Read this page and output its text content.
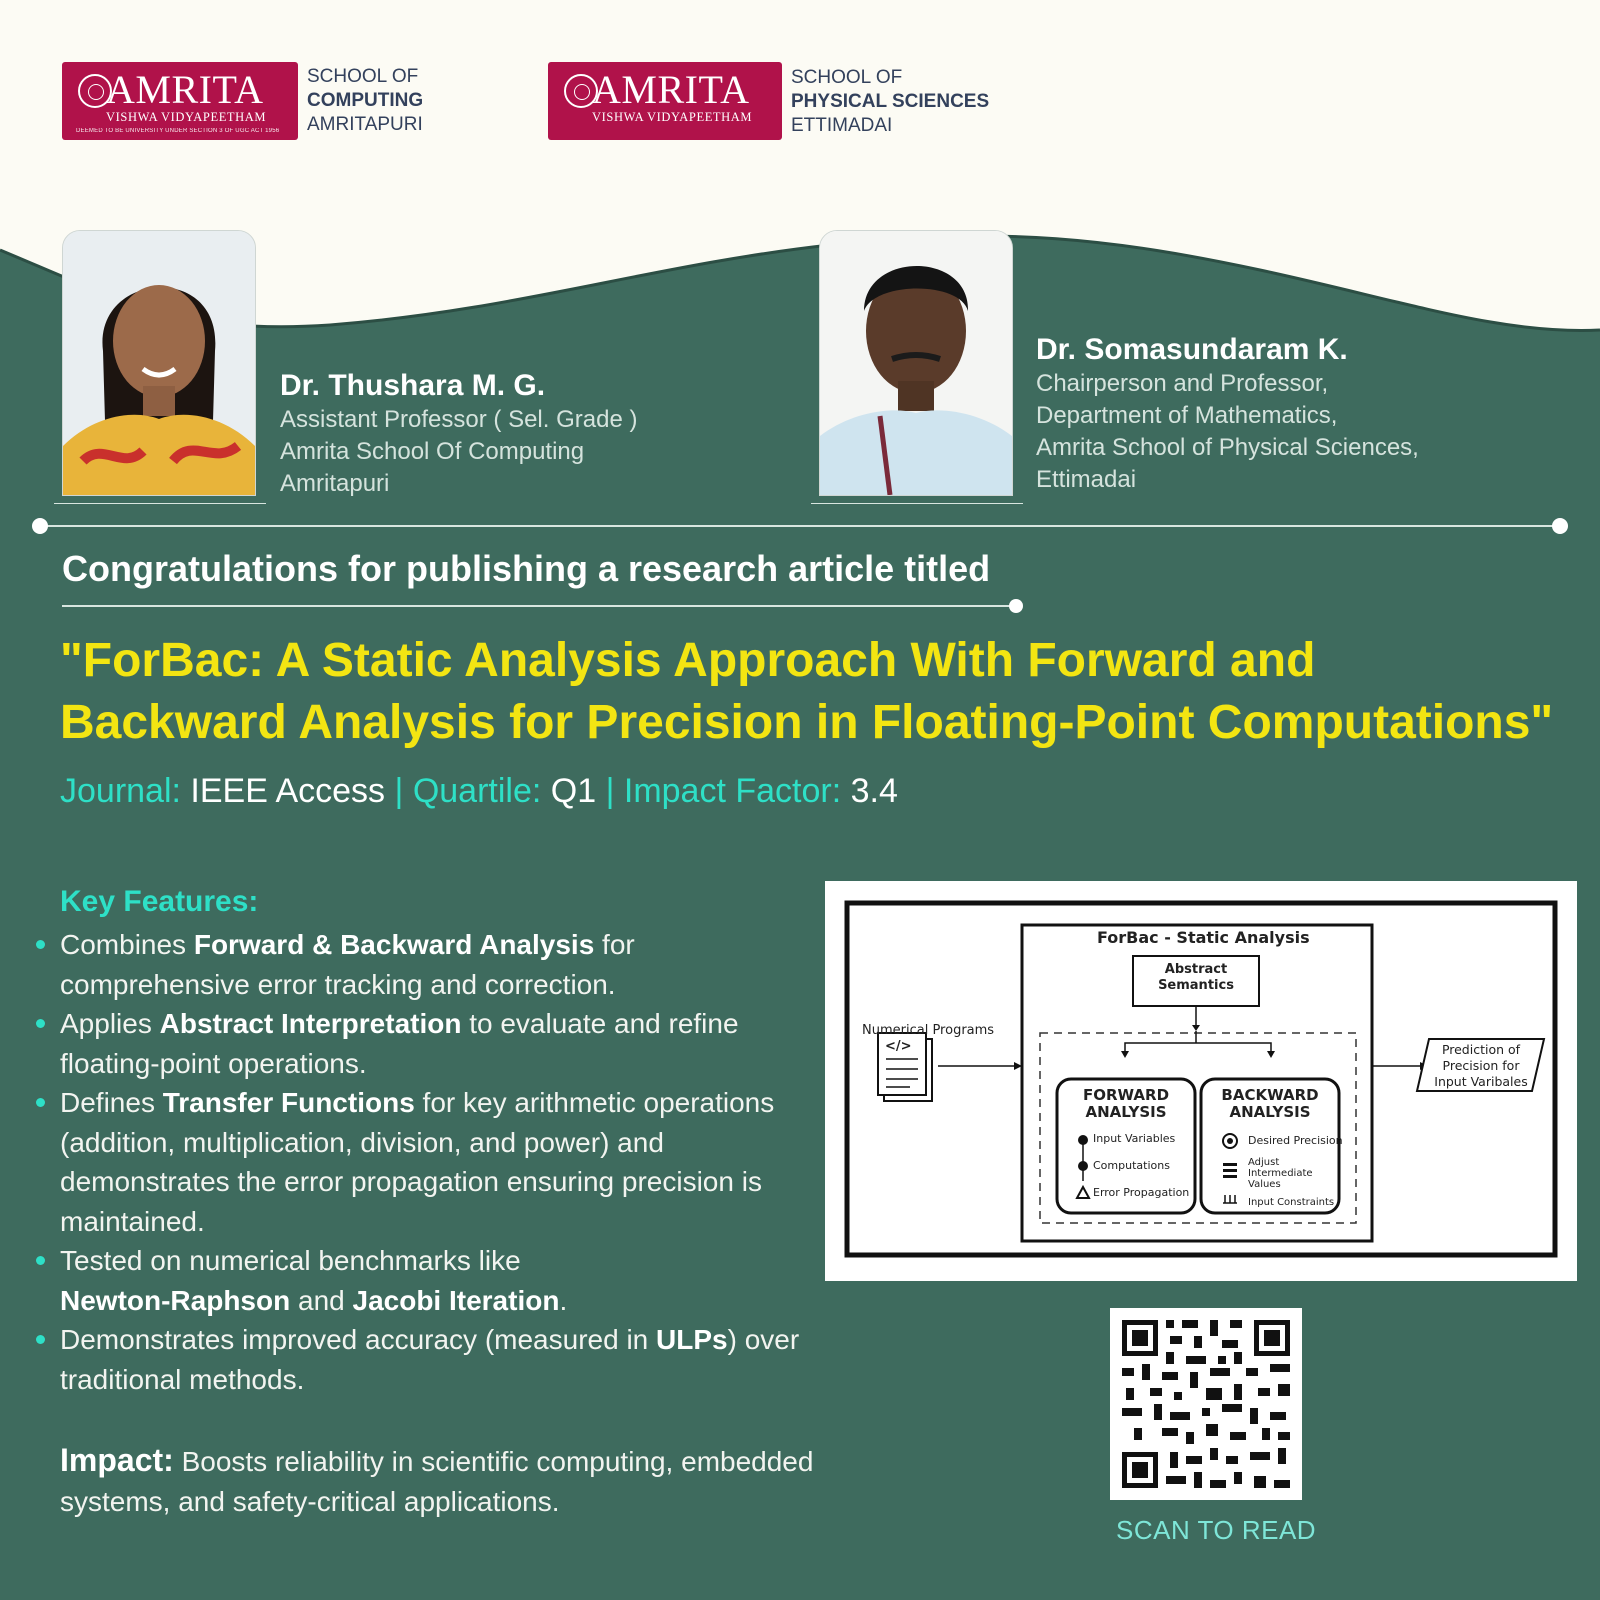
AMRITA
VISHWA VIDYAPEETHAM
DEEMED TO BE UNIVERSITY UNDER SECTION 3 OF UGC ACT 1956
SCHOOL OF
COMPUTING
AMRITAPURI
AMRITA
VISHWA VIDYAPEETHAM
SCHOOL OF
PHYSICAL SCIENCES
ETTIMADAI
Dr. Thushara M. G.
Assistant Professor ( Sel. Grade )
Amrita School Of Computing
Amritapuri
Dr. Somasundaram K.
Chairperson and Professor,
Department of Mathematics,
Amrita School of Physical Sciences,
Ettimadai
Congratulations for publishing a research article titled
"ForBac: A Static Analysis Approach With Forward and
Backward Analysis for Precision in Floating-Point Computations"
Journal: IEEE Access | Quartile: Q1 | Impact Factor: 3.4
Key Features:
Combines Forward & Backward Analysis for comprehensive error tracking and correction.
Applies Abstract Interpretation to evaluate and refine floating-point operations.
Defines Transfer Functions for key arithmetic operations (addition, multiplication, division, and power) and demonstrates the error propagation ensuring precision is maintained.
Tested on numerical benchmarks like
Newton-Raphson and Jacobi Iteration.
Demonstrates improved accuracy (measured in ULPs) over traditional methods.
Impact: Boosts reliability in scientific computing, embedded systems, and safety-critical applications.
ForBac - Static Analysis
Abstract
Semantics
Numerical Programs
</>
FORWARD
ANALYSIS
Input Variables
Computations
Error Propagation
BACKWARD
ANALYSIS
Desired Precision
Adjust
Intermediate
Values
Input Constraints
Prediction of
Precision for
Input Varibales
SCAN TO READ
